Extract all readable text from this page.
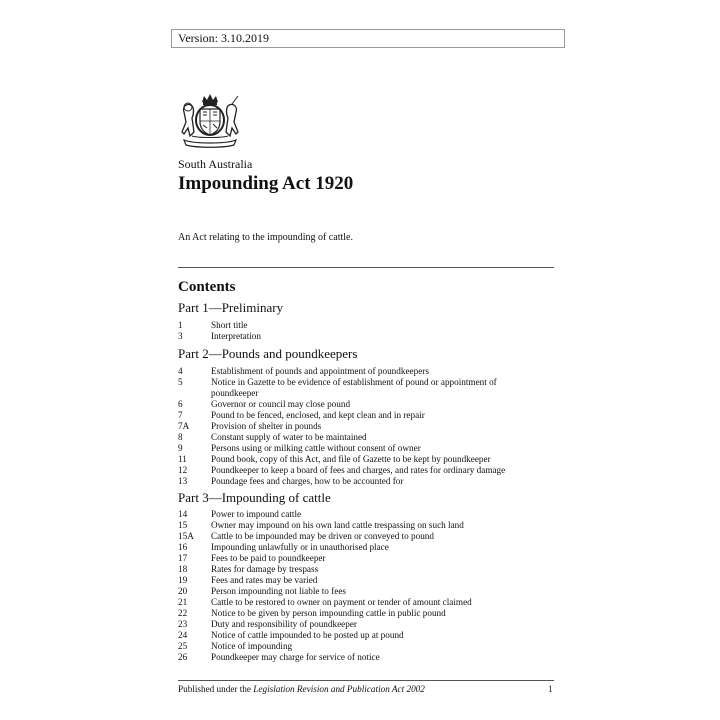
Version: 3.10.2019
South Australia
Impounding Act 1920
An Act relating to the impounding of cattle.
Contents
Part 1—Preliminary
1	Short title
3	Interpretation
Part 2—Pounds and poundkeepers
4	Establishment of pounds and appointment of poundkeepers
5	Notice in Gazette to be evidence of establishment of pound or appointment of poundkeeper
6	Governor or council may close pound
7	Pound to be fenced, enclosed, and kept clean and in repair
7A Provision of shelter in pounds
8	Constant supply of water to be maintained
9	Persons using or milking cattle without consent of owner
11	Pound book, copy of this Act, and file of Gazette to be kept by poundkeeper
12	Poundkeeper to keep a board of fees and charges, and rates for ordinary damage
13	Poundage fees and charges, how to be accounted for
Part 3—Impounding of cattle
14	Power to impound cattle
15	Owner may impound on his own land cattle trespassing on such land
15A Cattle to be impounded may be driven or conveyed to pound
16	Impounding unlawfully or in unauthorised place
17	Fees to be paid to poundkeeper
18	Rates for damage by trespass
19	Fees and rates may be varied
20	Person impounding not liable to fees
21	Cattle to be restored to owner on payment or tender of amount claimed
22	Notice to be given by person impounding cattle in public pound
23	Duty and responsibility of poundkeeper
24	Notice of cattle impounded to be posted up at pound
25	Notice of impounding
26	Poundkeeper may charge for service of notice
Published under the Legislation Revision and Publication Act 2002	1
